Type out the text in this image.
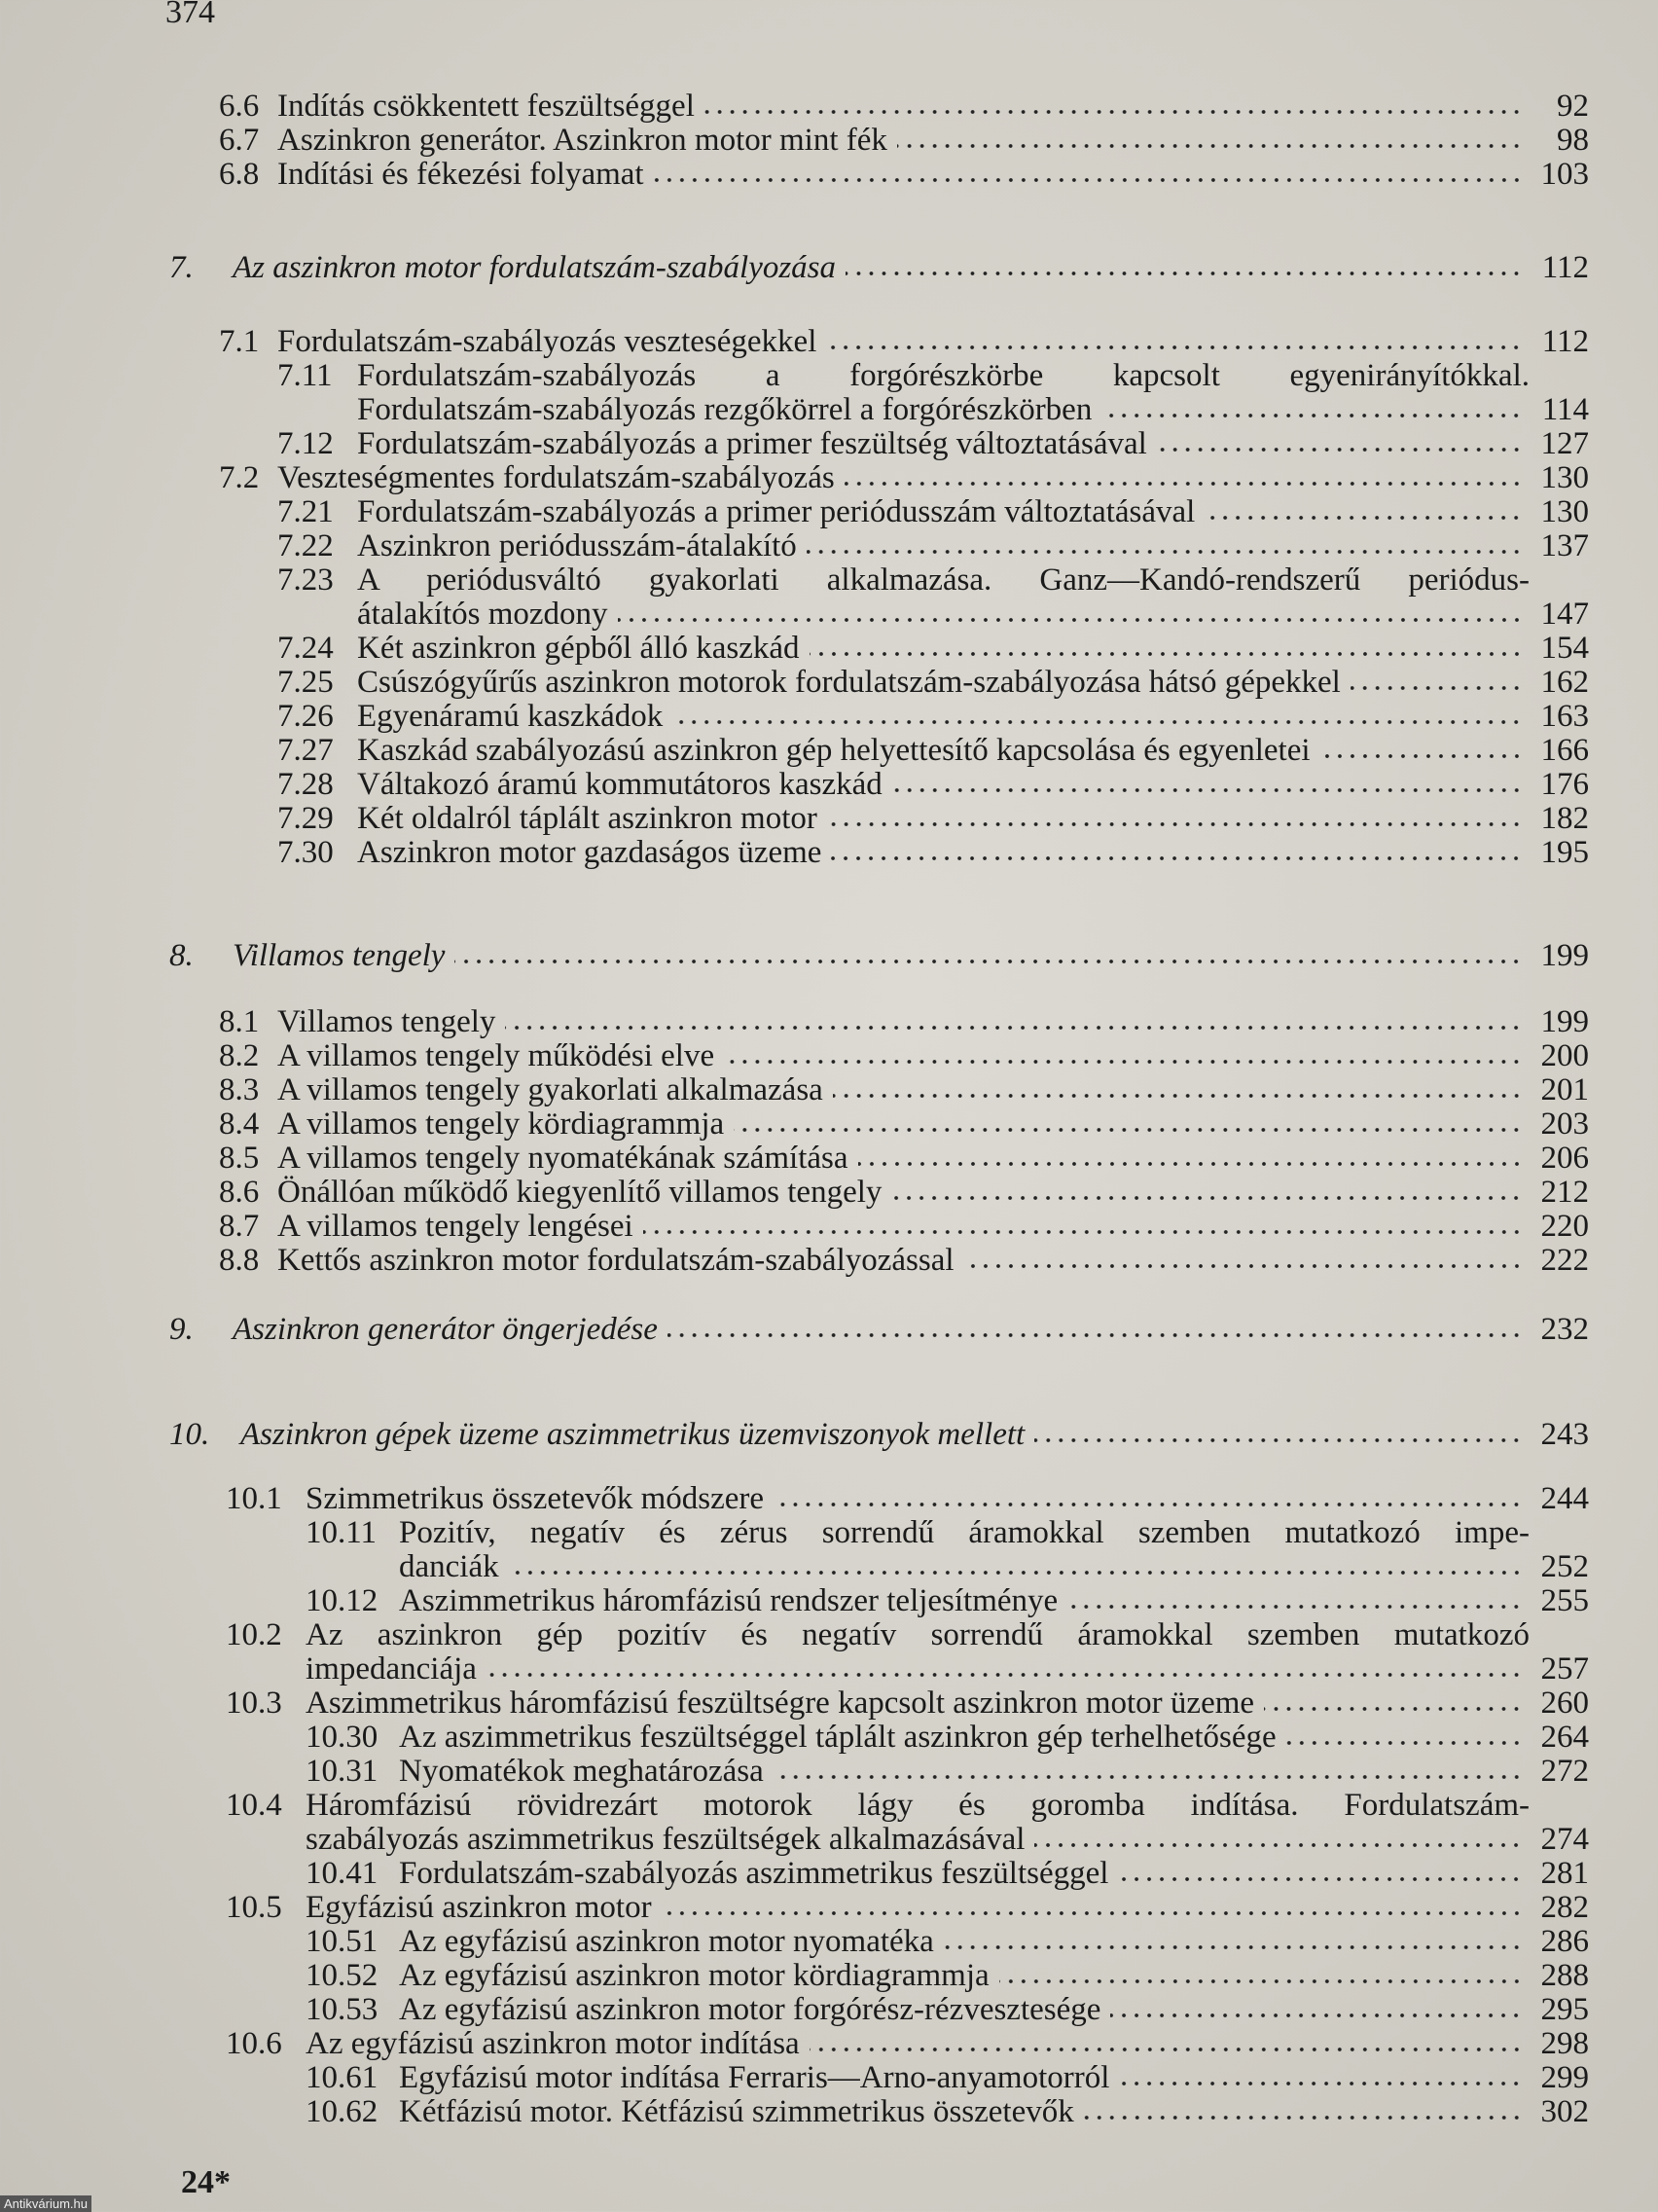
374
6.6 Indítás csökkentett feszültséggel	92
6.7 Aszinkron generátor. Aszinkron motor mint fék	98
6.8 Indítási és fékezési folyamat	103
7. Az aszinkron motor fordulatszám-szabályozása	112
7.1 Fordulatszám-szabályozás veszteségekkel	112
7.11 Fordulatszám-szabályozás a forgórészkörbe kapcsolt egyenirányítókkal.
Fordulatszám-szabályozás rezgőkörrel a forgórészkörben	114
7.12 Fordulatszám-szabályozás a primer feszültség változtatásával	127
7.2 Veszteségmentes fordulatszám-szabályozás	130
7.21 Fordulatszám-szabályozás a primer periódusszám változtatásával	130
7.22 Aszinkron periódusszám-átalakító	137
7.23 A periódusváltó gyakorlati alkalmazása. Ganz—Kandó-rendszerű periódus-
átalakítós mozdony	147
7.24 Két aszinkron gépből álló kaszkád	154
7.25 Csúszógyűrűs aszinkron motorok fordulatszám-szabályozása hátsó gépekkel	162
7.26 Egyenáramú kaszkádok	163
7.27 Kaszkád szabályozású aszinkron gép helyettesítő kapcsolása és egyenletei	166
7.28 Váltakozó áramú kommutátoros kaszkád	176
7.29 Két oldalról táplált aszinkron motor	182
7.30 Aszinkron motor gazdaságos üzeme	195
8. Villamos tengely	199
8.1 Villamos tengely	199
8.2 A villamos tengely működési elve	200
8.3 A villamos tengely gyakorlati alkalmazása	201
8.4 A villamos tengely kördiagrammja	203
8.5 A villamos tengely nyomatékának számítása	206
8.6 Önállóan működő kiegyenlítő villamos tengely	212
8.7 A villamos tengely lengései	220
8.8 Kettős aszinkron motor fordulatszám-szabályozással	222
9. Aszinkron generátor öngerjedése	232
10. Aszinkron gépek üzeme aszimmetrikus üzemviszonyok mellett	243
10.1 Szimmetrikus összetevők módszere	244
10.11 Pozitív, negatív és zérus sorrendű áramokkal szemben mutatkozó impe-
danciák	252
10.12 Aszimmetrikus háromfázisú rendszer teljesítménye	255
10.2 Az aszinkron gép pozitív és negatív sorrendű áramokkal szemben mutatkozó
impedanciája	257
10.3 Aszimmetrikus háromfázisú feszültségre kapcsolt aszinkron motor üzeme	260
10.30 Az aszimmetrikus feszültséggel táplált aszinkron gép terhelhetősége	264
10.31 Nyomatékok meghatározása	272
10.4 Háromfázisú rövidrezárt motorok lágy és goromba indítása. Fordulatszám-
szabályozás aszimmetrikus feszültségek alkalmazásával	274
10.41 Fordulatszám-szabályozás aszimmetrikus feszültséggel	281
10.5 Egyfázisú aszinkron motor	282
10.51 Az egyfázisú aszinkron motor nyomatéka	286
10.52 Az egyfázisú aszinkron motor kördiagrammja	288
10.53 Az egyfázisú aszinkron motor forgórész-rézvesztesége	295
10.6 Az egyfázisú aszinkron motor indítása	298
10.61 Egyfázisú motor indítása Ferraris—Arno-anyamotorról	299
10.62 Kétfázisú motor. Kétfázisú szimmetrikus összetevők	302
24*
Antikvárium.hu
